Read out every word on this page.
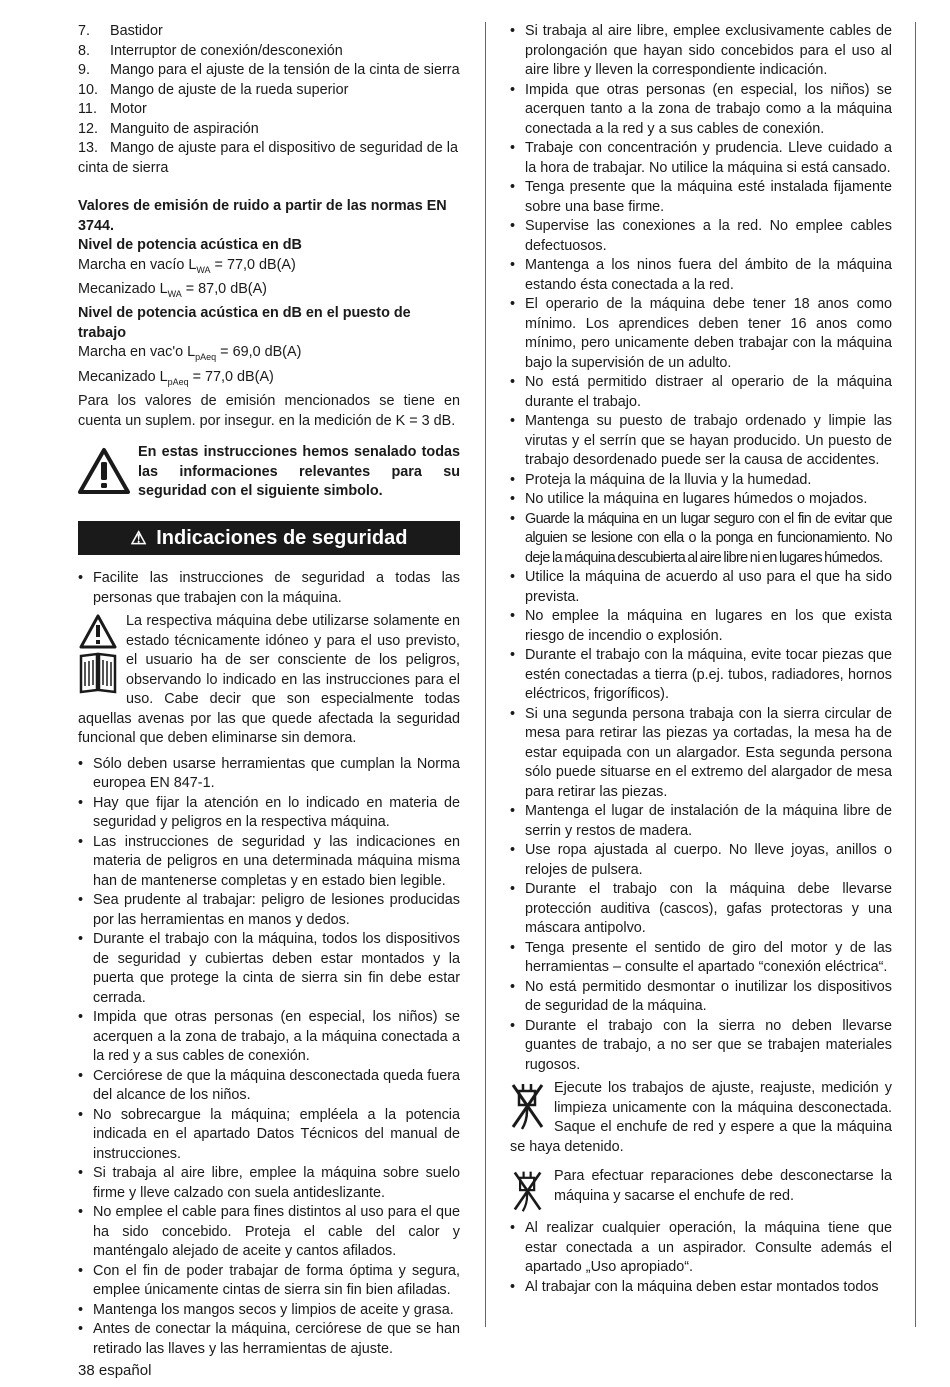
7. Bastidor
8. Interruptor de conexión/desconexión
9. Mango para el ajuste de la tensión de la cinta de sierra
10. Mango de ajuste de la rueda superior
11. Motor
12. Manguito de aspiración
13. Mango de ajuste para el dispositivo de seguridad de la cinta de sierra
Valores de emisión de ruido a partir de las normas EN 3744.
Nivel de potencia acústica en dB
Marcha en vacío $L_{WA} = 77,0$ dB(A)
Mecanizado $L_{WA} = 87,0$ dB(A)
Nivel de potencia acústica en dB en el puesto de trabajo
Marcha en vac'o $L_{pAeq} = 69,0$ dB(A)
Mecanizado $L_{pAeq} = 77,0$ dB(A)
Para los valores de emisión mencionados se tiene en cuenta un suplem. por insegur. en la medición de K = 3 dB.
En estas instrucciones hemos senalado todas las informaciones relevantes para su seguridad con el siguiente simbolo.
⚠ Indicaciones de seguridad
• Facilite las instrucciones de seguridad a todas las personas que trabajen con la máquina.
La respectiva máquina debe utilizarse solamente en estado técnicamente idóneo y para el uso previsto, el usuario ha de ser consciente de los peligros, observando lo indicado en las instrucciones para el uso. Cabe decir que son especialmente todas aquellas avenas por las que quede afectada la seguridad funcional que deben eliminarse sin demora.
• Sólo deben usarse herramientas que cumplan la Norma europea EN 847-1.
• Hay que fijar la atención en lo indicado en materia de seguridad y peligros en la respectiva máquina.
• Las instrucciones de seguridad y las indicaciones en materia de peligros en una determinada máquina misma han de mantenerse completas y en estado bien legible.
• Sea prudente al trabajar: peligro de lesiones producidas por las herramientas en manos y dedos.
• Durante el trabajo con la máquina, todos los dispositivos de seguridad y cubiertas deben estar montados y la puerta que protege la cinta de sierra sin fin debe estar cerrada.
• Impida que otras personas (en especial, los niños) se acerquen a la zona de trabajo, a la máquina conectada a la red y a sus cables de conexión.
• Cerciórese de que la máquina desconectada queda fuera del alcance de los niños.
• No sobrecargue la máquina; empléela a la potencia indicada en el apartado Datos Técnicos del manual de instrucciones.
• Si trabaja al aire libre, emplee la máquina sobre suelo firme y lleve calzado con suela antideslizante.
• No emplee el cable para fines distintos al uso para el que ha sido concebido. Proteja el cable del calor y manténgalo alejado de aceite y cantos afilados.
• Con el fin de poder trabajar de forma óptima y segura, emplee únicamente cintas de sierra sin fin bien afiladas.
• Mantenga los mangos secos y limpios de aceite y grasa.
• Antes de conectar la máquina, cerciórese de que se han retirado las llaves y las herramientas de ajuste.
• Si trabaja al aire libre, emplee exclusivamente cables de prolongación que hayan sido concebidos para el uso al aire libre y lleven la correspondiente indicación.
• Impida que otras personas (en especial, los niños) se acerquen tanto a la zona de trabajo como a la máquina conectada a la red y a sus cables de conexión.
• Trabaje con concentración y prudencia. Lleve cuidado a la hora de trabajar. No utilice la máquina si está cansado.
• Tenga presente que la máquina esté instalada fijamente sobre una base firme.
• Supervise las conexiones a la red. No emplee cables defectuosos.
• Mantenga a los ninos fuera del ámbito de la máquina estando ésta conectada a la red.
• El operario de la máquina debe tener 18 anos como mínimo. Los aprendices deben tener 16 anos como mínimo, pero unicamente deben trabajar con la máquina bajo la supervisión de un adulto.
• No está permitido distraer al operario de la máquina durante el trabajo.
• Mantenga su puesto de trabajo ordenado y limpie las virutas y el serrín que se hayan producido. Un puesto de trabajo desordenado puede ser la causa de accidentes.
• Proteja la máquina de la lluvia y la humedad.
• No utilice la máquina en lugares húmedos o mojados.
• Guarde la máquina en un lugar seguro con el fin de evitar que alguien se lesione con ella o la ponga en funcionamiento. No deje la máquina descubierta al aire libre ni en lugares húmedos.
• Utilice la máquina de acuerdo al uso para el que ha sido prevista.
• No emplee la máquina en lugares en los que exista riesgo de incendio o explosión.
• Durante el trabajo con la máquina, evite tocar piezas que estén conectadas a tierra (p.ej. tubos, radiadores, hornos eléctricos, frigoríficos).
• Si una segunda persona trabaja con la sierra circular de mesa para retirar las piezas ya cortadas, la mesa ha de estar equipada con un alargador. Esta segunda persona sólo puede situarse en el extremo del alargador de mesa para retirar las piezas.
• Mantenga el lugar de instalación de la máquina libre de serrin y restos de madera.
• Use ropa ajustada al cuerpo. No lleve joyas, anillos o relojes de pulsera.
• Durante el trabajo con la máquina debe llevarse protección auditiva (cascos), gafas protectoras y una máscara antipolvo.
• Tenga presente el sentido de giro del motor y de las herramientas – consulte el apartado “conexión eléctrica“.
• No está permitido desmontar o inutilizar los dispositivos de seguridad de la máquina.
• Durante el trabajo con la sierra no deben llevarse guantes de trabajo, a no ser que se trabajen materiales rugosos.
Ejecute los trabajos de ajuste, reajuste, medición y limpieza unicamente con la máquina desconectada. Saque el enchufe de red y espere a que la máquina se haya detenido.
Para efectuar reparaciones debe desconectarse la máquina y sacarse el enchufe de red.
• Al realizar cualquier operación, la máquina tiene que estar conectada a un aspirador. Consulte además el apartado „Uso apropiado“.
• Al trabajar con la máquina deben estar montados todos
38 español
